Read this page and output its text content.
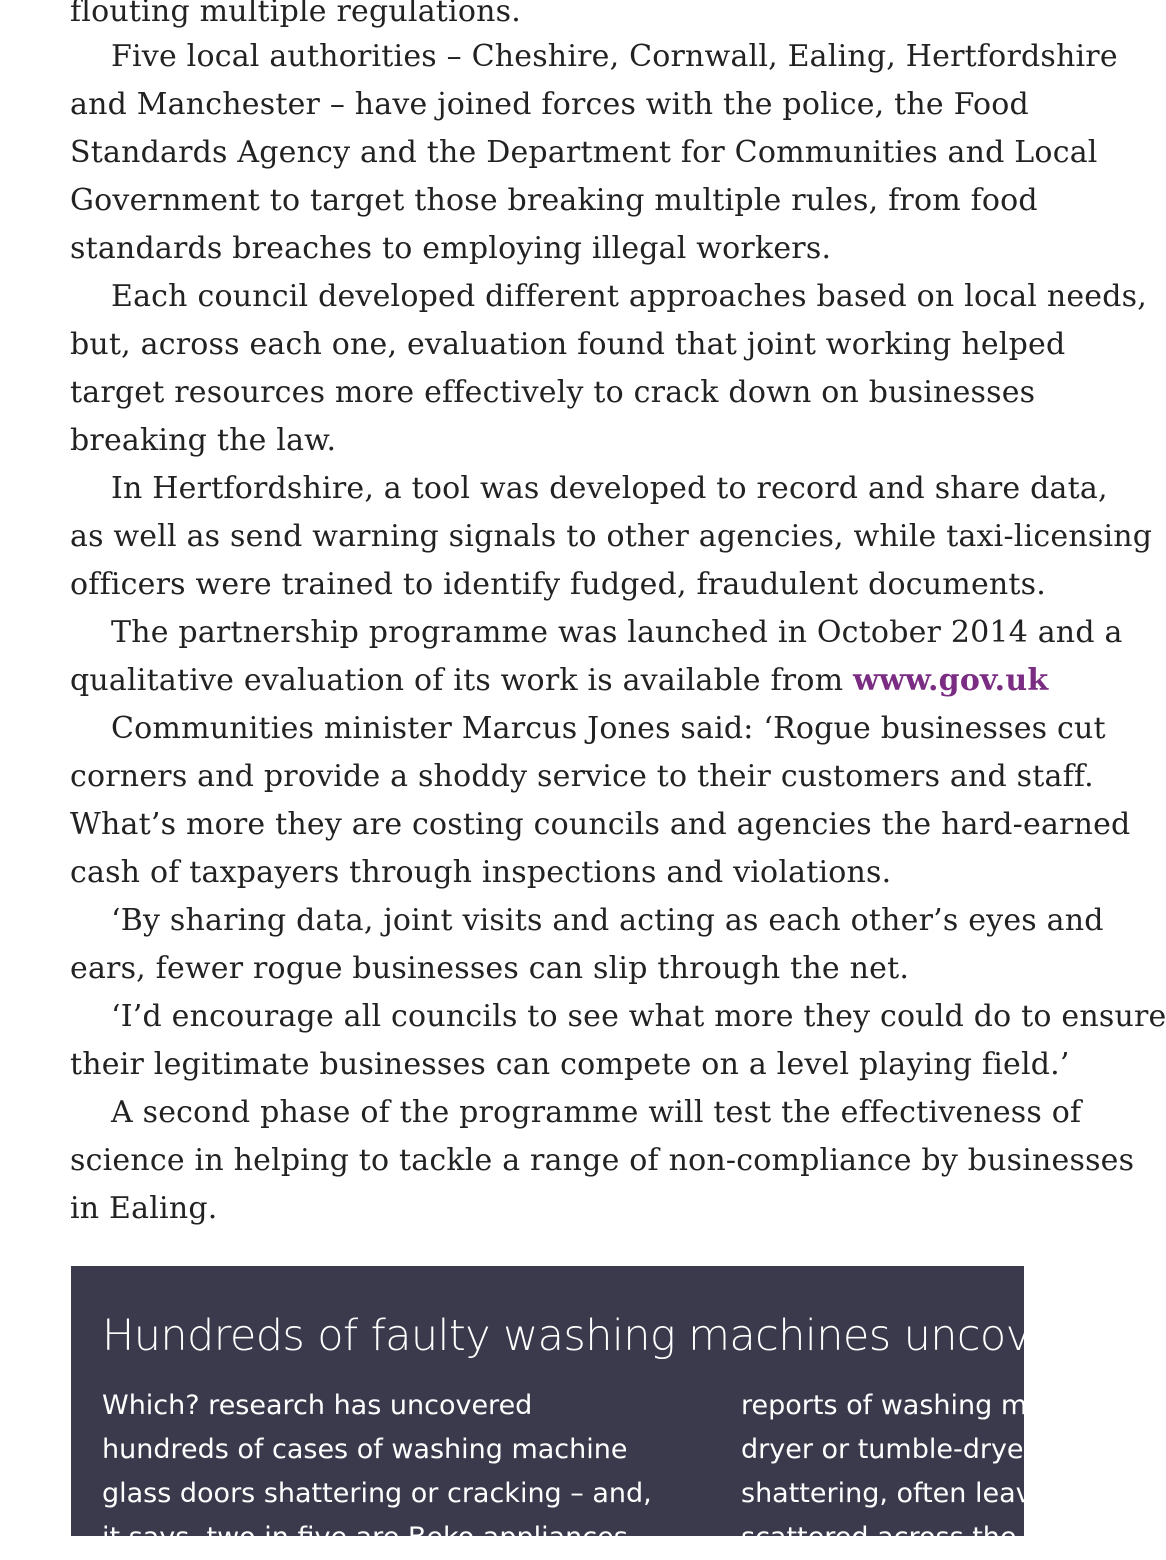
flouting multiple regulations.
Five local authorities – Cheshire, Cornwall, Ealing, Hertfordshire
and Manchester – have joined forces with the police, the Food
Standards Agency and the Department for Communities and Local
Government to target those breaking multiple rules, from food
standards breaches to employing illegal workers.
Each council developed different approaches based on local needs,
but, across each one, evaluation found that joint working helped
target resources more effectively to crack down on businesses
breaking the law.
In Hertfordshire, a tool was developed to record and share data,
as well as send warning signals to other agencies, while taxi-licensing
officers were trained to identify fudged, fraudulent documents.
The partnership programme was launched in October 2014 and a
qualitative evaluation of its work is available from www.gov.uk
Communities minister Marcus Jones said: ‘Rogue businesses cut
corners and provide a shoddy service to their customers and staff.
What’s more they are costing councils and agencies the hard-earned
cash of taxpayers through inspections and violations.
‘By sharing data, joint visits and acting as each other’s eyes and
ears, fewer rogue businesses can slip through the net.
‘I’d encourage all councils to see what more they could do to ensure
their legitimate businesses can compete on a level playing field.’
A second phase of the programme will test the effectiveness of
science in helping to tackle a range of non-compliance by businesses
in Ealing.
Hundreds of faulty washing machines uncovered
Which? research has uncovered
hundreds of cases of washing machine
glass doors shattering or cracking – and,
it says, two in five are Beko appliances.
reports of washing machine,
dryer or tumble-dryer doors
shattering, often leaving glass
scattered across the floor.
